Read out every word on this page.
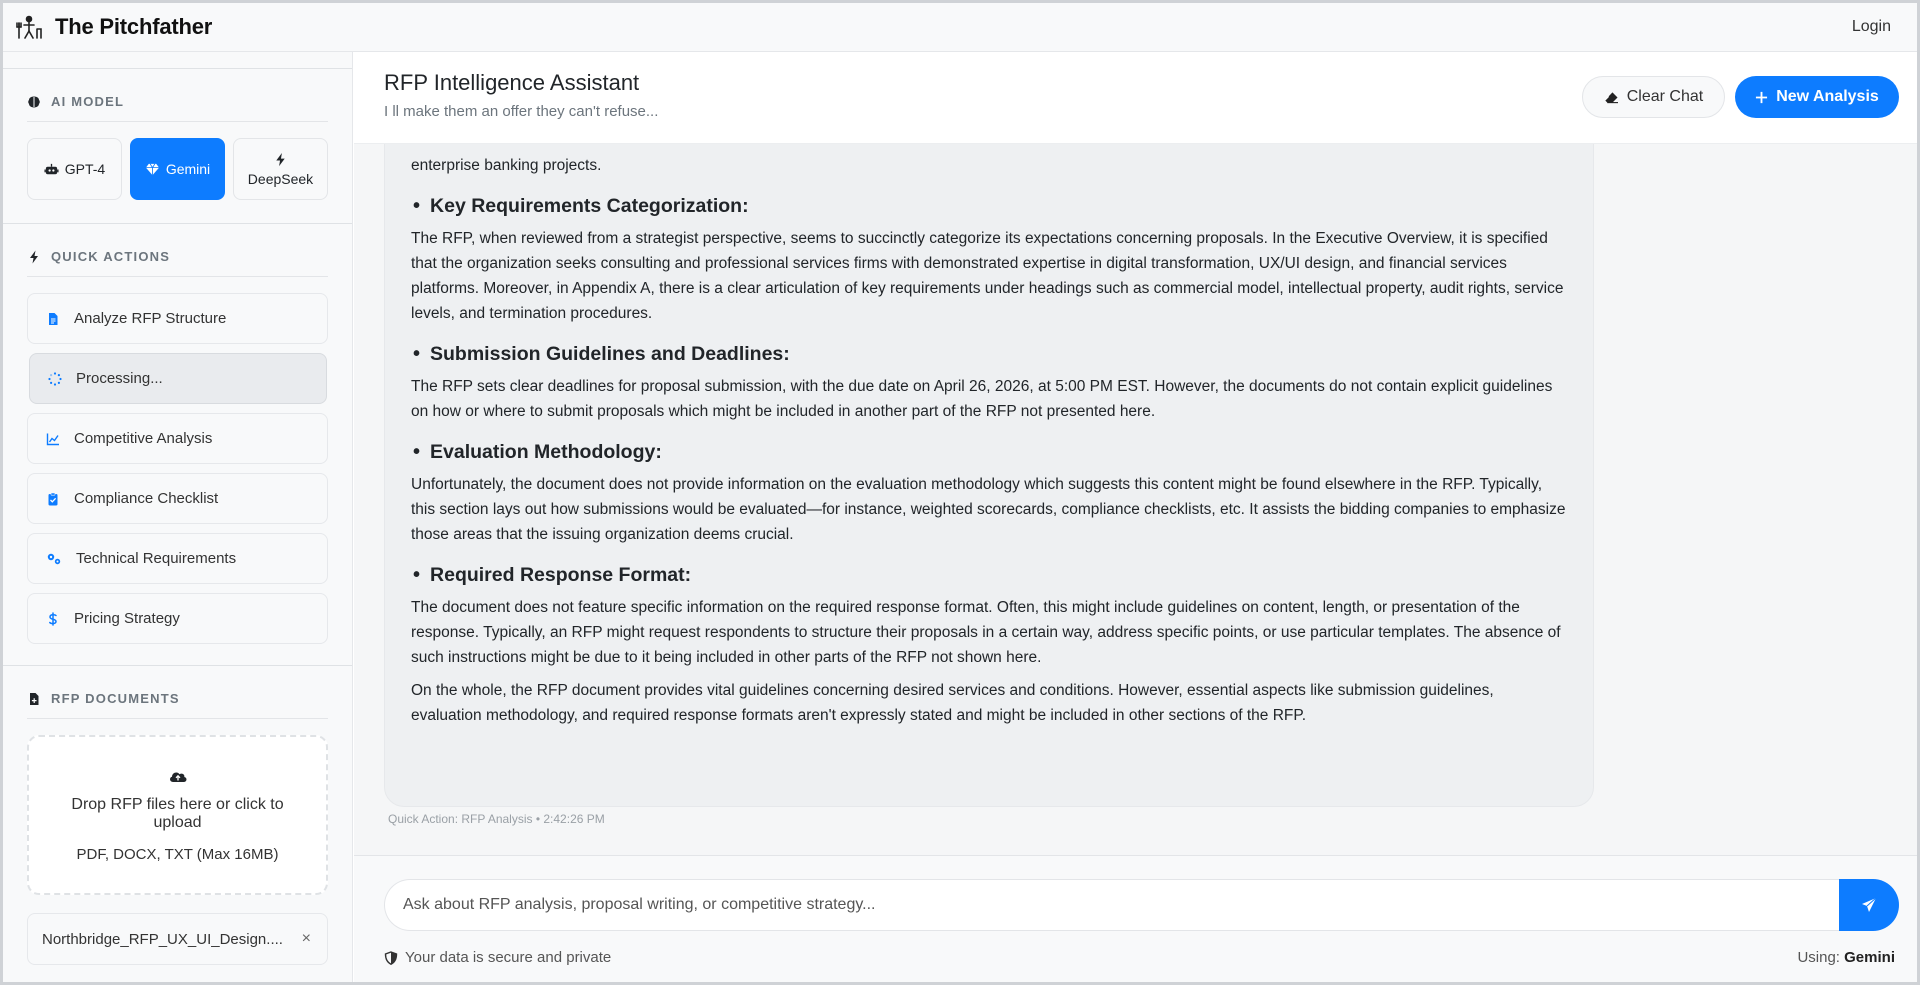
The Pitchfather	Login
AI MODEL
GPT-4	Gemini
DeepSeek
QUICK ACTIONS
Analyze RFP Structure
Processing...
Competitive Analysis
Compliance Checklist
Technical Requirements
Pricing Strategy
RFP DOCUMENTS
Drop RFP files here or click to upload
PDF, DOCX, TXT (Max 16MB)
Northbridge_RFP_UX_UI_Design.... ×
RFP Intelligence Assistant
I ll make them an offer they can't refuse...
Clear Chat	New Analysis

enterprise banking projects.

• Key Requirements Categorization:

The RFP, when reviewed from a strategist perspective, seems to succinctly categorize its expectations concerning proposals. In the Executive Overview, it is specified that the organization seeks consulting and professional services firms with demonstrated expertise in digital transformation, UX/UI design, and financial services platforms. Moreover, in Appendix A, there is a clear articulation of key requirements under headings such as commercial model, intellectual property, audit rights, service levels, and termination procedures.

• Submission Guidelines and Deadlines:

The RFP sets clear deadlines for proposal submission, with the due date on April 26, 2026, at 5:00 PM EST. However, the documents do not contain explicit guidelines on how or where to submit proposals which might be included in another part of the RFP not presented here.

• Evaluation Methodology:

Unfortunately, the document does not provide information on the evaluation methodology which suggests this content might be found elsewhere in the RFP. Typically, this section lays out how submissions would be evaluated—for instance, weighted scorecards, compliance checklists, etc. It assists the bidding companies to emphasize those areas that the issuing organization deems crucial.

• Required Response Format:

The document does not feature specific information on the required response format. Often, this might include guidelines on content, length, or presentation of the response. Typically, an RFP might request respondents to structure their proposals in a certain way, address specific points, or use particular templates. The absence of such instructions might be due to it being included in other parts of the RFP not shown here.

On the whole, the RFP document provides vital guidelines concerning desired services and conditions. However, essential aspects like submission guidelines, evaluation methodology, and required response formats aren't expressly stated and might be included in other sections of the RFP.

Quick Action: RFP Analysis • 2:42:26 PM
Ask about RFP analysis, proposal writing, or competitive strategy...
Your data is secure and private	Using: Gemini
